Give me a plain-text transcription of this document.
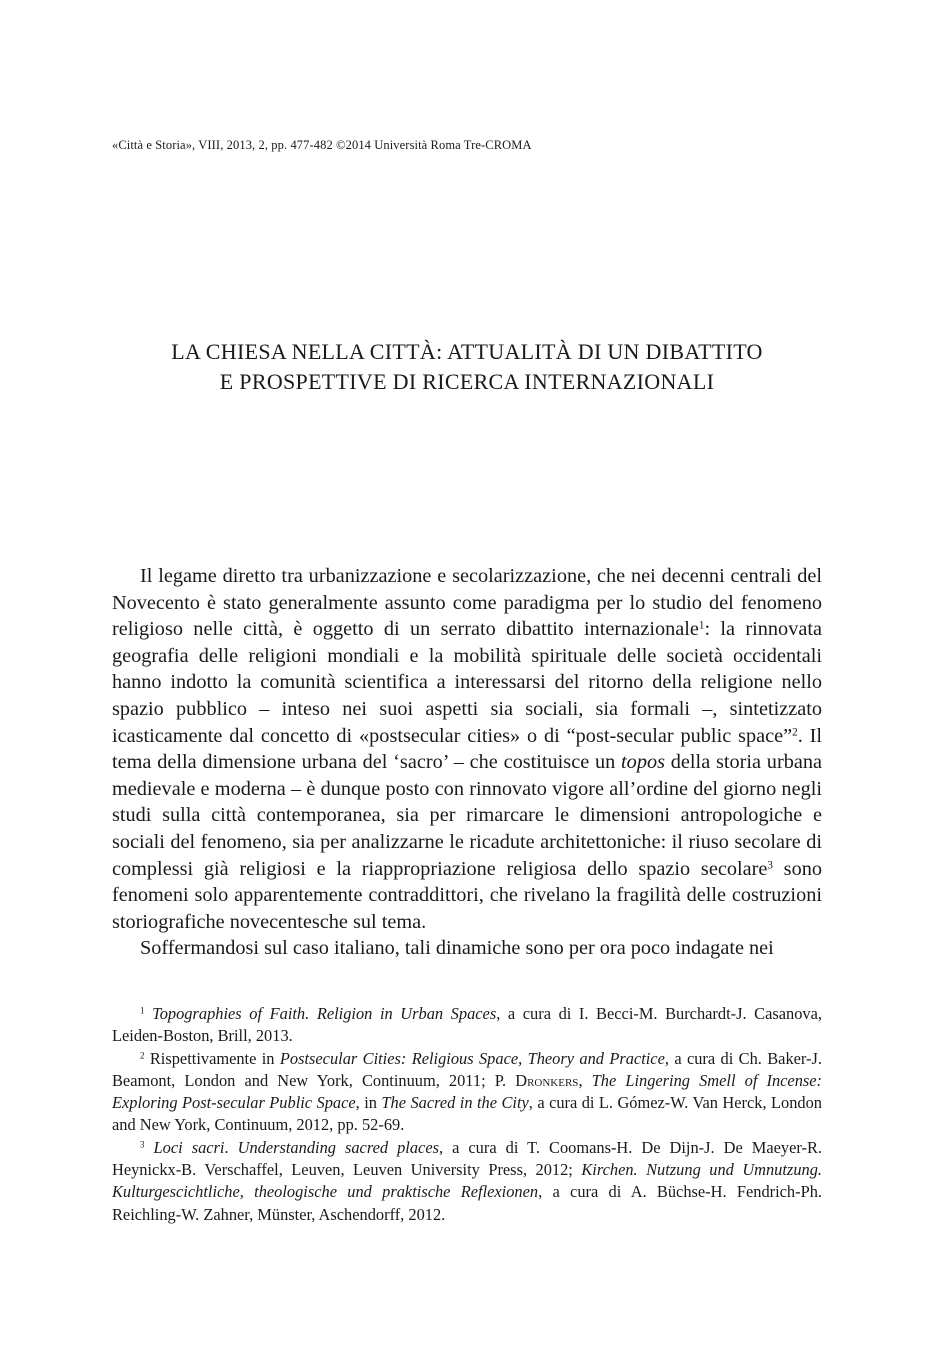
«Città e Storia», VIII, 2013, 2, pp. 477-482 ©2014 Università Roma Tre-CROMA
LA CHIESA NELLA CITTÀ: ATTUALITÀ DI UN DIBATTITO
E PROSPETTIVE DI RICERCA INTERNAZIONALI

Il legame diretto tra urbanizzazione e secolarizzazione, che nei decenni centrali del Novecento è stato generalmente assunto come paradigma per lo studio del fenomeno religioso nelle città, è oggetto di un serrato dibattito internazionale$^1$: la rinnovata geografia delle religioni mondiali e la mobilità spirituale delle società occidentali hanno indotto la comunità scientifica a interessarsi del ritorno della religione nello spazio pubblico – inteso nei suoi aspetti sia sociali, sia formali –, sintetizzato icasticamente dal concetto di «postsecular cities» o di “post-secular public space”$^2$. Il tema della dimensione urbana del ‘sacro’ – che costituisce un topos della storia urbana medievale e moderna – è dunque posto con rinnovato vigore all’ordine del giorno negli studi sulla città contemporanea, sia per rimarcare le dimensioni antropologiche e sociali del fenomeno, sia per analizzarne le ricadute architettoniche: il riuso secolare di complessi già religiosi e la riappropriazione religiosa dello spazio secolare$^3$ sono fenomeni solo apparentemente contraddittori, che rivelano la fragilità delle costruzioni storiografiche novecentesche sul tema.

Soffermandosi sul caso italiano, tali dinamiche sono per ora poco indagate nei

$^1$ Topographies of Faith. Religion in Urban Spaces, a cura di I. Becci-M. Burchardt-J. Casanova, Leiden-Boston, Brill, 2013.

$^2$ Rispettivamente in Postsecular Cities: Religious Space, Theory and Practice, a cura di Ch. Baker-J. Beamont, London and New York, Continuum, 2011; P. Dronkers, The Lingering Smell of Incense: Exploring Post-secular Public Space, in The Sacred in the City, a cura di L. Gómez-W. Van Herck, London and New York, Continuum, 2012, pp. 52-69.

$^3$ Loci sacri. Understanding sacred places, a cura di T. Coomans-H. De Dijn-J. De Maeyer-R. Heynickx-B. Verschaffel, Leuven, Leuven University Press, 2012; Kirchen. Nutzung und Umnutzung. Kulturgescichtliche, theologische und praktische Reflexionen, a cura di A. Büchse-H. Fendrich-Ph. Reichling-W. Zahner, Münster, Aschendorff, 2012.
